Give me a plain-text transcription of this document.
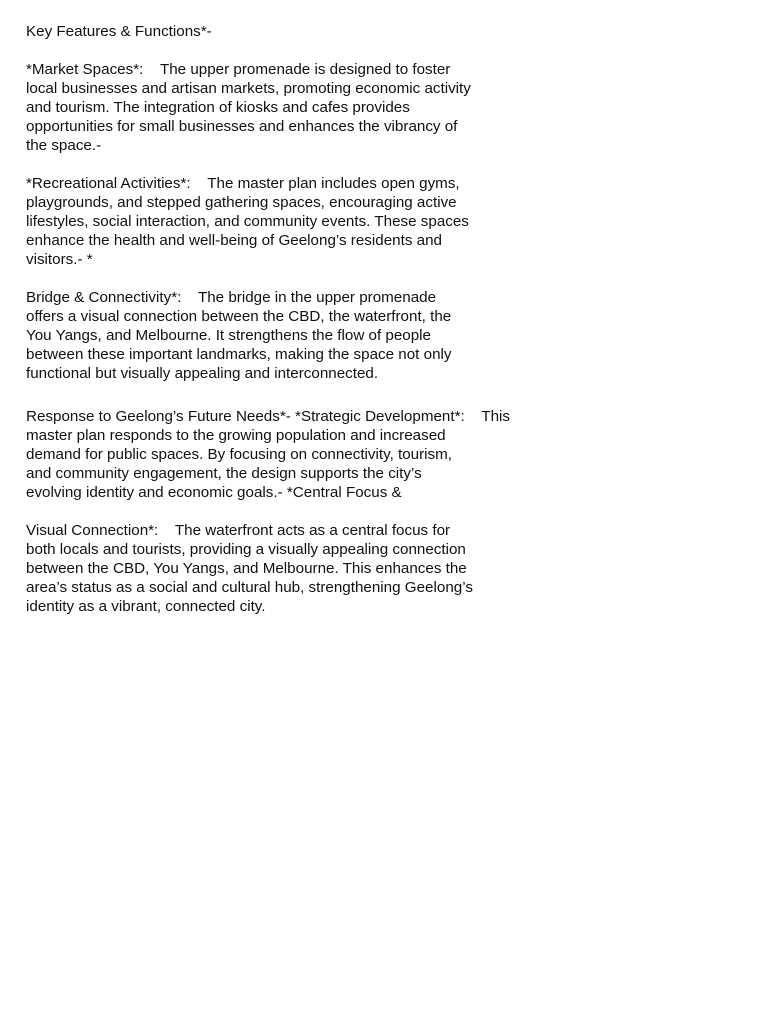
Key Features & Functions*-

*Market Spaces*:    The upper promenade is designed to foster local businesses and artisan markets, promoting economic activity and tourism. The integration of kiosks and cafes provides opportunities for small businesses and enhances the vibrancy of the space.-

*Recreational Activities*:    The master plan includes open gyms, playgrounds, and stepped gathering spaces, encouraging active lifestyles, social interaction, and community events. These spaces enhance the health and well-being of Geelong’s residents and visitors.- *

Bridge & Connectivity*:    The bridge in the upper promenade offers a visual connection between the CBD, the waterfront, the You Yangs, and Melbourne. It strengthens the flow of people between these important landmarks, making the space not only functional but visually appealing and interconnected.

Response to Geelong’s Future Needs*- *Strategic Development*:    This master plan responds to the growing population and increased demand for public spaces. By focusing on connectivity, tourism, and community engagement, the design supports the city’s evolving identity and economic goals.- *Central Focus &

Visual Connection*:    The waterfront acts as a central focus for both locals and tourists, providing a visually appealing connection between the CBD, You Yangs, and Melbourne. This enhances the area’s status as a social and cultural hub, strengthening Geelong’s identity as a vibrant, connected city.
